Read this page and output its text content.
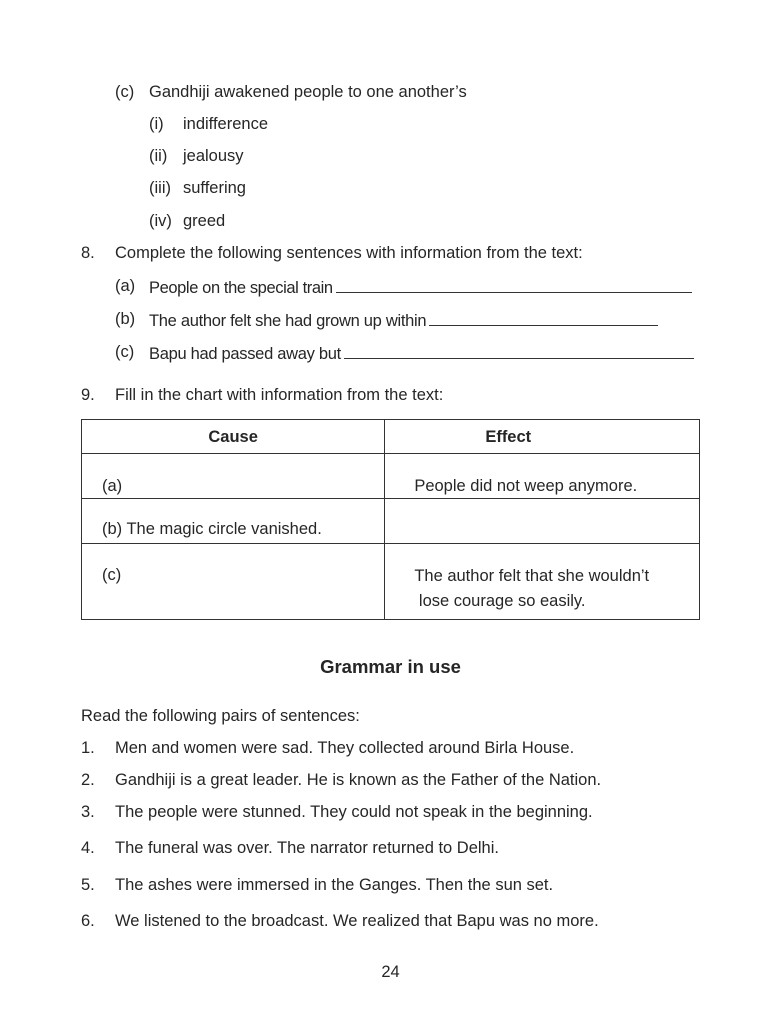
(c) Gandhiji awakened people to one another’s
(i) indifference
(ii) jealousy
(iii) suffering
(iv) greed
8. Complete the following sentences with information from the text:
(a) People on the special train
(b) The author felt she had grown up within
(c) Bapu had passed away but
9. Fill in the chart with information from the text:
Cause	Effect

(a)	People did not weep anymore.

(b) The magic circle vanished.	

(c)	The author felt that she wouldn’t
lose courage so easily.
Grammar in use
Read the following pairs of sentences:
1. Men and women were sad. They collected around Birla House.
2. Gandhiji is a great leader. He is known as the Father of the Nation.
3. The people were stunned. They could not speak in the beginning.
4. The funeral was over. The narrator returned to Delhi.
5. The ashes were immersed in the Ganges. Then the sun set.
6. We listened to the broadcast. We realized that Bapu was no more.
24
